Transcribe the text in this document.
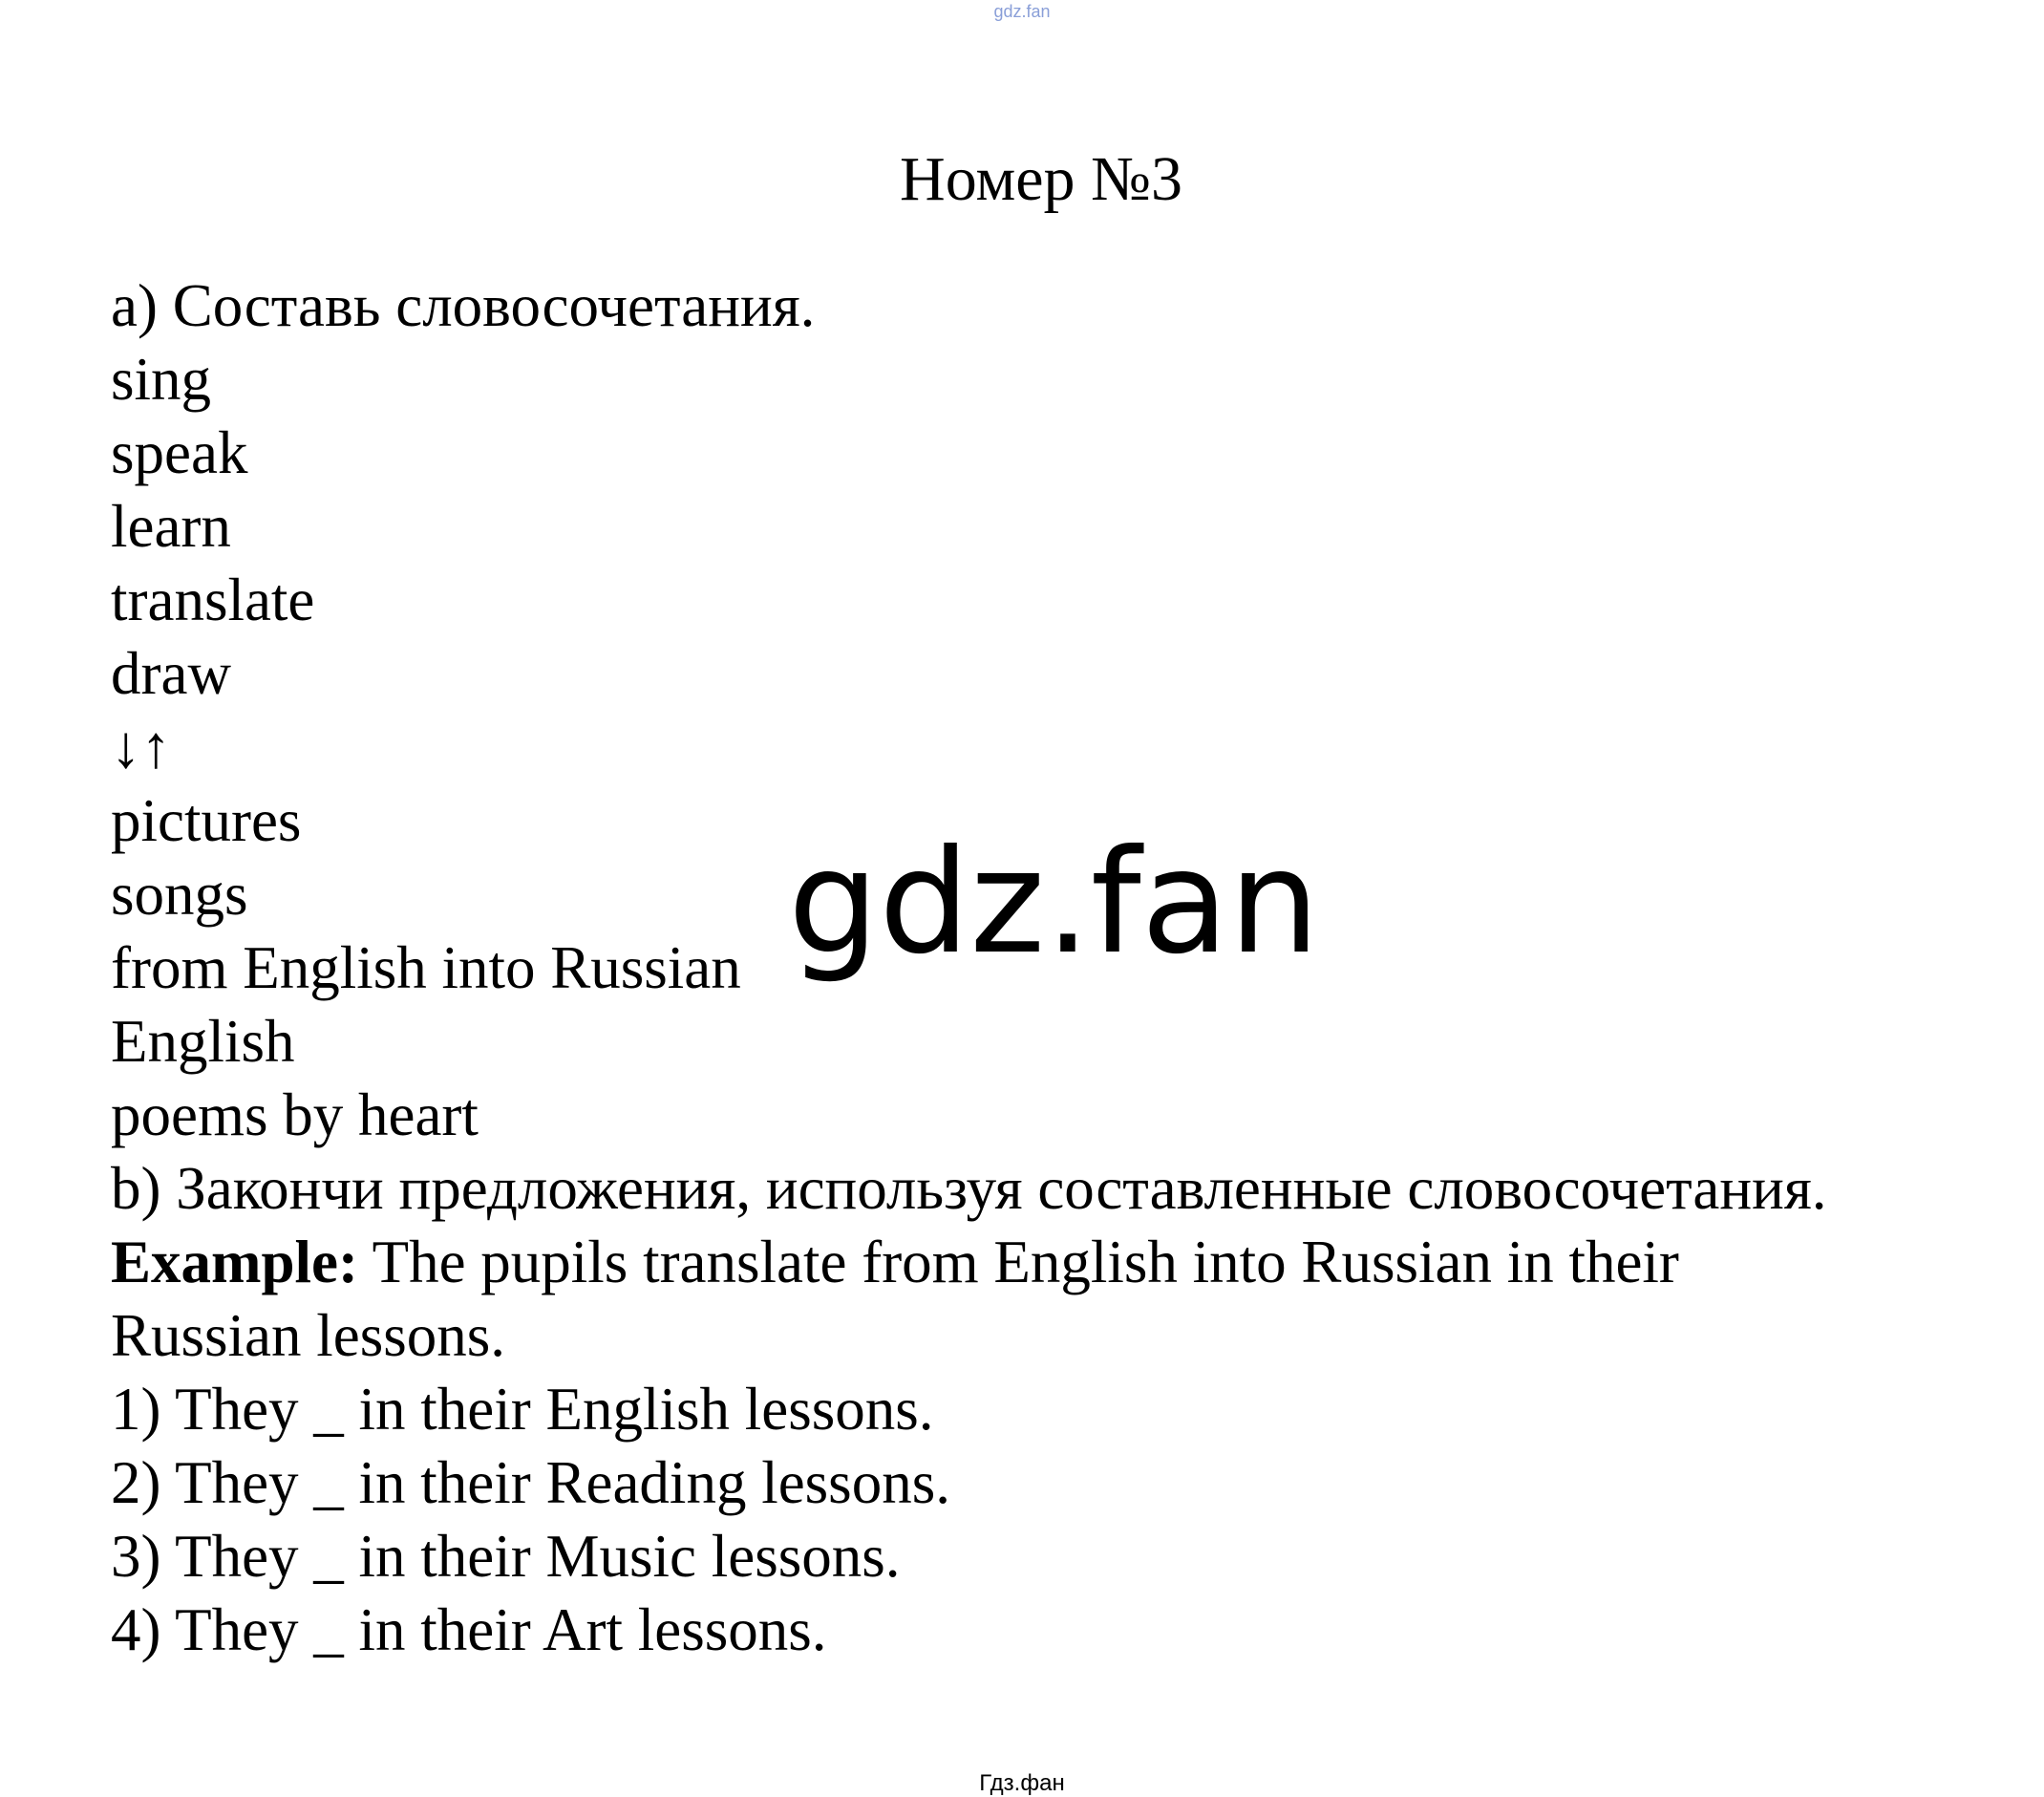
gdz.fan
Номер №3
a) Составь словосочетания.
sing
speak
learn
translate
draw
↓↑
pictures
songs
from English into Russian
English
poems by heart
b) Закончи предложения, используя составленные словосочетания.
Example: The pupils translate from English into Russian in their
Russian lessons.
1) They _ in their English lessons.
2) They _ in their Reading lessons.
3) They _ in their Music lessons.
4) They _ in their Art lessons.
gdz.fan
Гдз.фан
